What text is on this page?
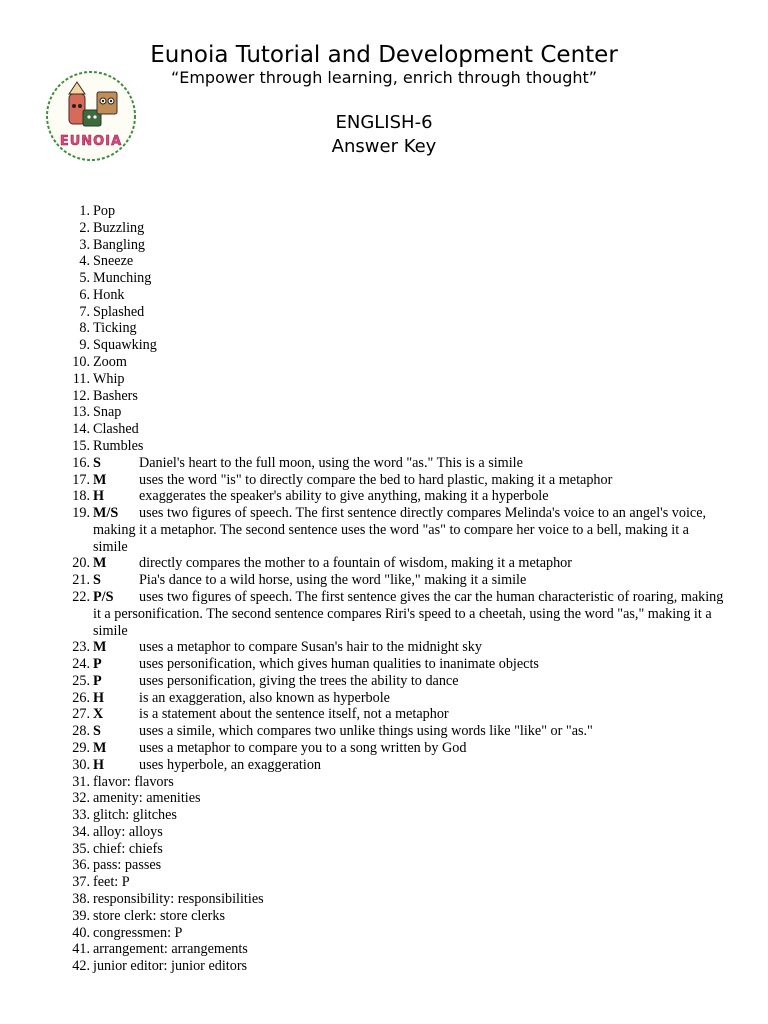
EUNOIA
Eunoia Tutorial and Development Center
“Empower through learning, enrich through thought”
ENGLISH-6
Answer Key
1. Pop
2. Buzzling
3. Bangling
4. Sneeze
5. Munching
6. Honk
7. Splashed
8. Ticking
9. Squawking
10. Zoom
11. Whip
12. Bashers
13. Snap
14. Clashed
15. Rumbles
16. S	Daniel's heart to the full moon, using the word "as." This is a simile
17. M uses the word "is" to directly compare the bed to hard plastic, making it a metaphor
18. H exaggerates the speaker's ability to give anything, making it a hyperbole
19. M/S uses two figures of speech. The first sentence directly compares Melinda's voice to an angel's voice, making it a metaphor. The second sentence uses the word "as" to compare her voice to a bell, making it a simile
20. M directly compares the mother to a fountain of wisdom, making it a metaphor
21. S	Pia's dance to a wild horse, using the word "like," making it a simile
22. P/S uses two figures of speech. The first sentence gives the car the human characteristic of roaring, making it a personification. The second sentence compares Riri's speed to a cheetah, using the word "as," making it a simile
23. M uses a metaphor to compare Susan's hair to the midnight sky
24. P	uses personification, which gives human qualities to inanimate objects
25. P	uses personification, giving the trees the ability to dance
26. H is an exaggeration, also known as hyperbole
27. X	is a statement about the sentence itself, not a metaphor
28. S	uses a simile, which compares two unlike things using words like "like" or "as."
29. M uses a metaphor to compare you to a song written by God
30. H uses hyperbole, an exaggeration
31. flavor: flavors
32. amenity: amenities
33. glitch: glitches
34. alloy: alloys
35. chief: chiefs
36. pass: passes
37. feet: P
38. responsibility: responsibilities
39. store clerk: store clerks
40. congressmen: P
41. arrangement: arrangements
42. junior editor: junior editors
